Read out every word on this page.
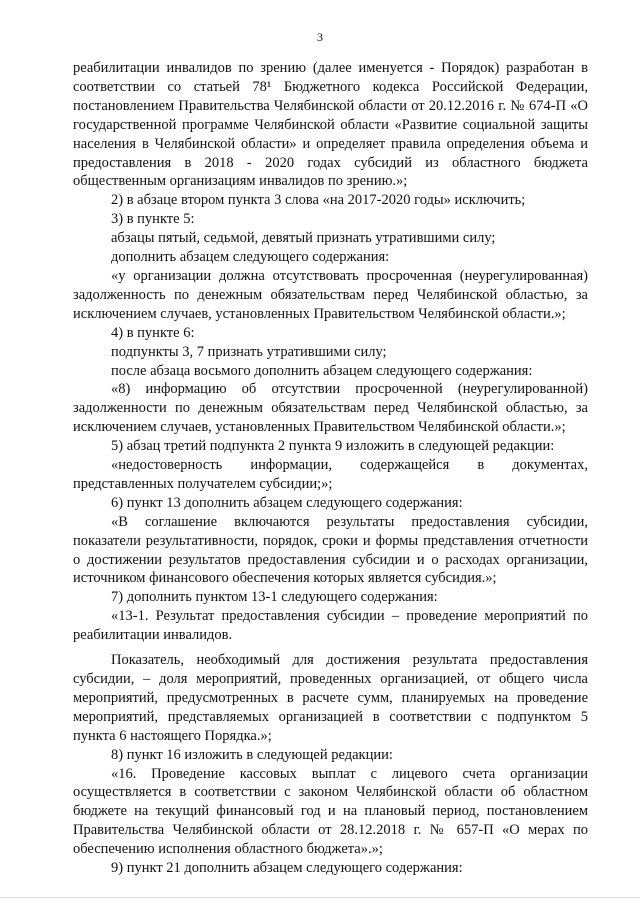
3

реабилитации инвалидов по зрению (далее именуется - Порядок) разработан в соответствии со статьей 78¹ Бюджетного кодекса Российской Федерации, постановлением Правительства Челябинской области от 20.12.2016 г. № 674-П «О государственной программе Челябинской области «Развитие социальной защиты населения в Челябинской области» и определяет правила определения объема и предоставления в 2018 - 2020 годах субсидий из областного бюджета общественным организациям инвалидов по зрению.»;

2) в абзаце втором пункта 3 слова «на 2017-2020 годы» исключить;

3) в пункте 5:

абзацы пятый, седьмой, девятый признать утратившими силу;

дополнить абзацем следующего содержания:

«у организации должна отсутствовать просроченная (неурегулированная) задолженность по денежным обязательствам перед Челябинской областью, за исключением случаев, установленных Правительством Челябинской области.»;

4) в пункте 6:

подпункты 3, 7 признать утратившими силу;

после абзаца восьмого дополнить абзацем следующего содержания:

«8) информацию об отсутствии просроченной (неурегулированной) задолженности по денежным обязательствам перед Челябинской областью, за исключением случаев, установленных Правительством Челябинской области.»;

5) абзац третий подпункта 2 пункта 9 изложить в следующей редакции:

«недостоверность информации, содержащейся в документах, представленных получателем субсидии;»;

6) пункт 13 дополнить абзацем следующего содержания:

«В соглашение включаются результаты предоставления субсидии, показатели результативности, порядок, сроки и формы представления отчетности о достижении результатов предоставления субсидии и о расходах организации, источником финансового обеспечения которых является субсидия.»;

7) дополнить пунктом 13-1 следующего содержания:

«13-1. Результат предоставления субсидии – проведение мероприятий по реабилитации инвалидов.

Показатель, необходимый для достижения результата предоставления субсидии, – доля мероприятий, проведенных организацией, от общего числа мероприятий, предусмотренных в расчете сумм, планируемых на проведение мероприятий, представляемых организацией в соответствии с подпунктом 5 пункта 6 настоящего Порядка.»;

8) пункт 16 изложить в следующей редакции:

«16. Проведение кассовых выплат с лицевого счета организации осуществляется в соответствии с законом Челябинской области об областном бюджете на текущий финансовый год и на плановый период, постановлением Правительства Челябинской области от 28.12.2018 г. № 657-П «О мерах по обеспечению исполнения областного бюджета».»;

9) пункт 21 дополнить абзацем следующего содержания:
